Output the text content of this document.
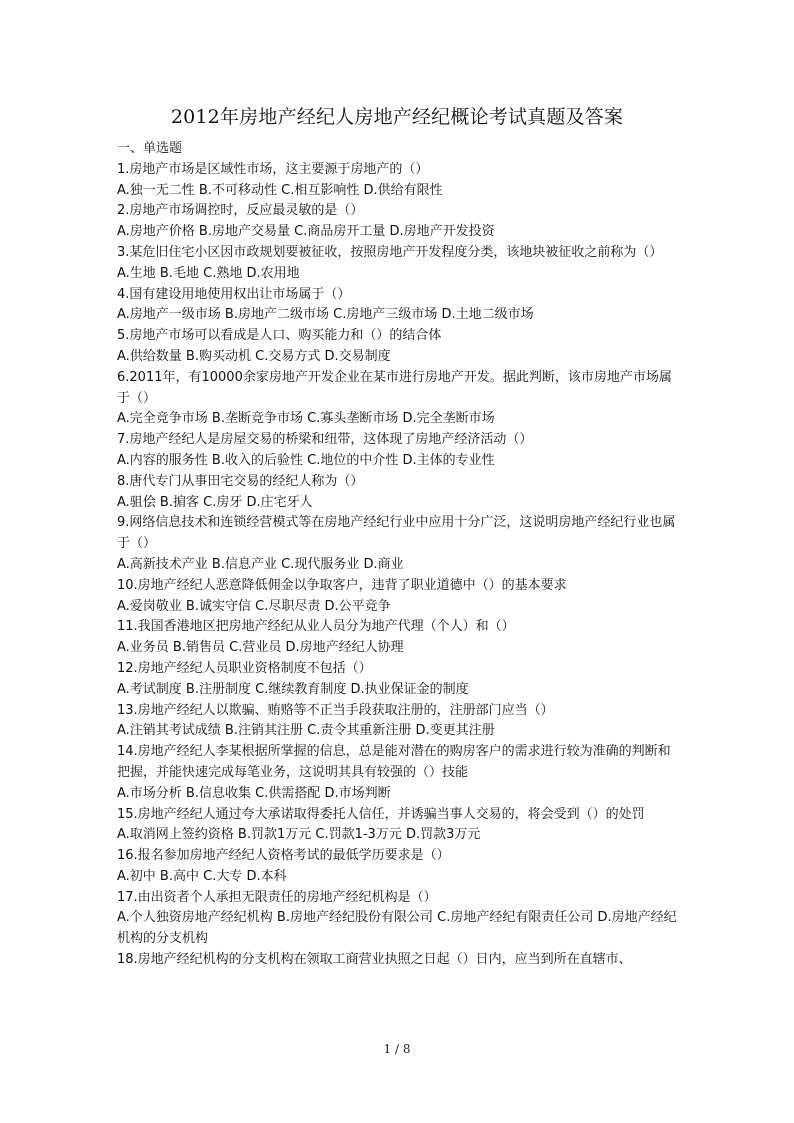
2012年房地产经纪人房地产经纪概论考试真题及答案
一、单选题
1.房地产市场是区域性市场，这主要源于房地产的（）
A.独一无二性 B.不可移动性 C.相互影响性 D.供给有限性
2.房地产市场调控时，反应最灵敏的是（）
A.房地产价格 B.房地产交易量 C.商品房开工量 D.房地产开发投资
3.某危旧住宅小区因市政规划要被征收，按照房地产开发程度分类，该地块被征收之前称为（）
A.生地 B.毛地 C.熟地 D.农用地
4.国有建设用地使用权出让市场属于（）
A.房地产一级市场 B.房地产二级市场 C.房地产三级市场 D.土地二级市场
5.房地产市场可以看成是人口、购买能力和（）的结合体
A.供给数量 B.购买动机 C.交易方式 D.交易制度
6.2011年，有10000余家房地产开发企业在某市进行房地产开发。据此判断，该市房地产市场属于（）
A.完全竞争市场 B.垄断竞争市场 C.寡头垄断市场 D.完全垄断市场
7.房地产经纪人是房屋交易的桥梁和纽带，这体现了房地产经济活动（）
A.内容的服务性 B.收入的后验性 C.地位的中介性 D.主体的专业性
8.唐代专门从事田宅交易的经纪人称为（）
A.驵侩 B.掮客 C.房牙 D.庄宅牙人
9.网络信息技术和连锁经营模式等在房地产经纪行业中应用十分广泛，这说明房地产经纪行业也属于（）
A.高新技术产业 B.信息产业 C.现代服务业 D.商业
10.房地产经纪人恶意降低佣金以争取客户，违背了职业道德中（）的基本要求
A.爱岗敬业 B.诚实守信 C.尽职尽责 D.公平竞争
11.我国香港地区把房地产经纪从业人员分为地产代理（个人）和（）
A.业务员 B.销售员 C.营业员 D.房地产经纪人协理
12.房地产经纪人员职业资格制度不包括（）
A.考试制度 B.注册制度 C.继续教育制度 D.执业保证金的制度
13.房地产经纪人以欺骗、贿赂等不正当手段获取注册的，注册部门应当（）
A.注销其考试成绩 B.注销其注册 C.责令其重新注册 D.变更其注册
14.房地产经纪人李某根据所掌握的信息，总是能对潜在的购房客户的需求进行较为准确的判断和把握，并能快速完成每笔业务，这说明其具有较强的（）技能
A.市场分析 B.信息收集 C.供需搭配 D.市场判断
15.房地产经纪人通过夸大承诺取得委托人信任，并诱骗当事人交易的，将会受到（）的处罚
A.取消网上签约资格 B.罚款1万元 C.罚款1-3万元 D.罚款3万元
16.报名参加房地产经纪人资格考试的最低学历要求是（）
A.初中 B.高中 C.大专 D.本科
17.由出资者个人承担无限责任的房地产经纪机构是（）
A.个人独资房地产经纪机构 B.房地产经纪股份有限公司 C.房地产经纪有限责任公司 D.房地产经纪机构的分支机构
18.房地产经纪机构的分支机构在领取工商营业执照之日起（）日内，应当到所在直辖市、
1 / 8
